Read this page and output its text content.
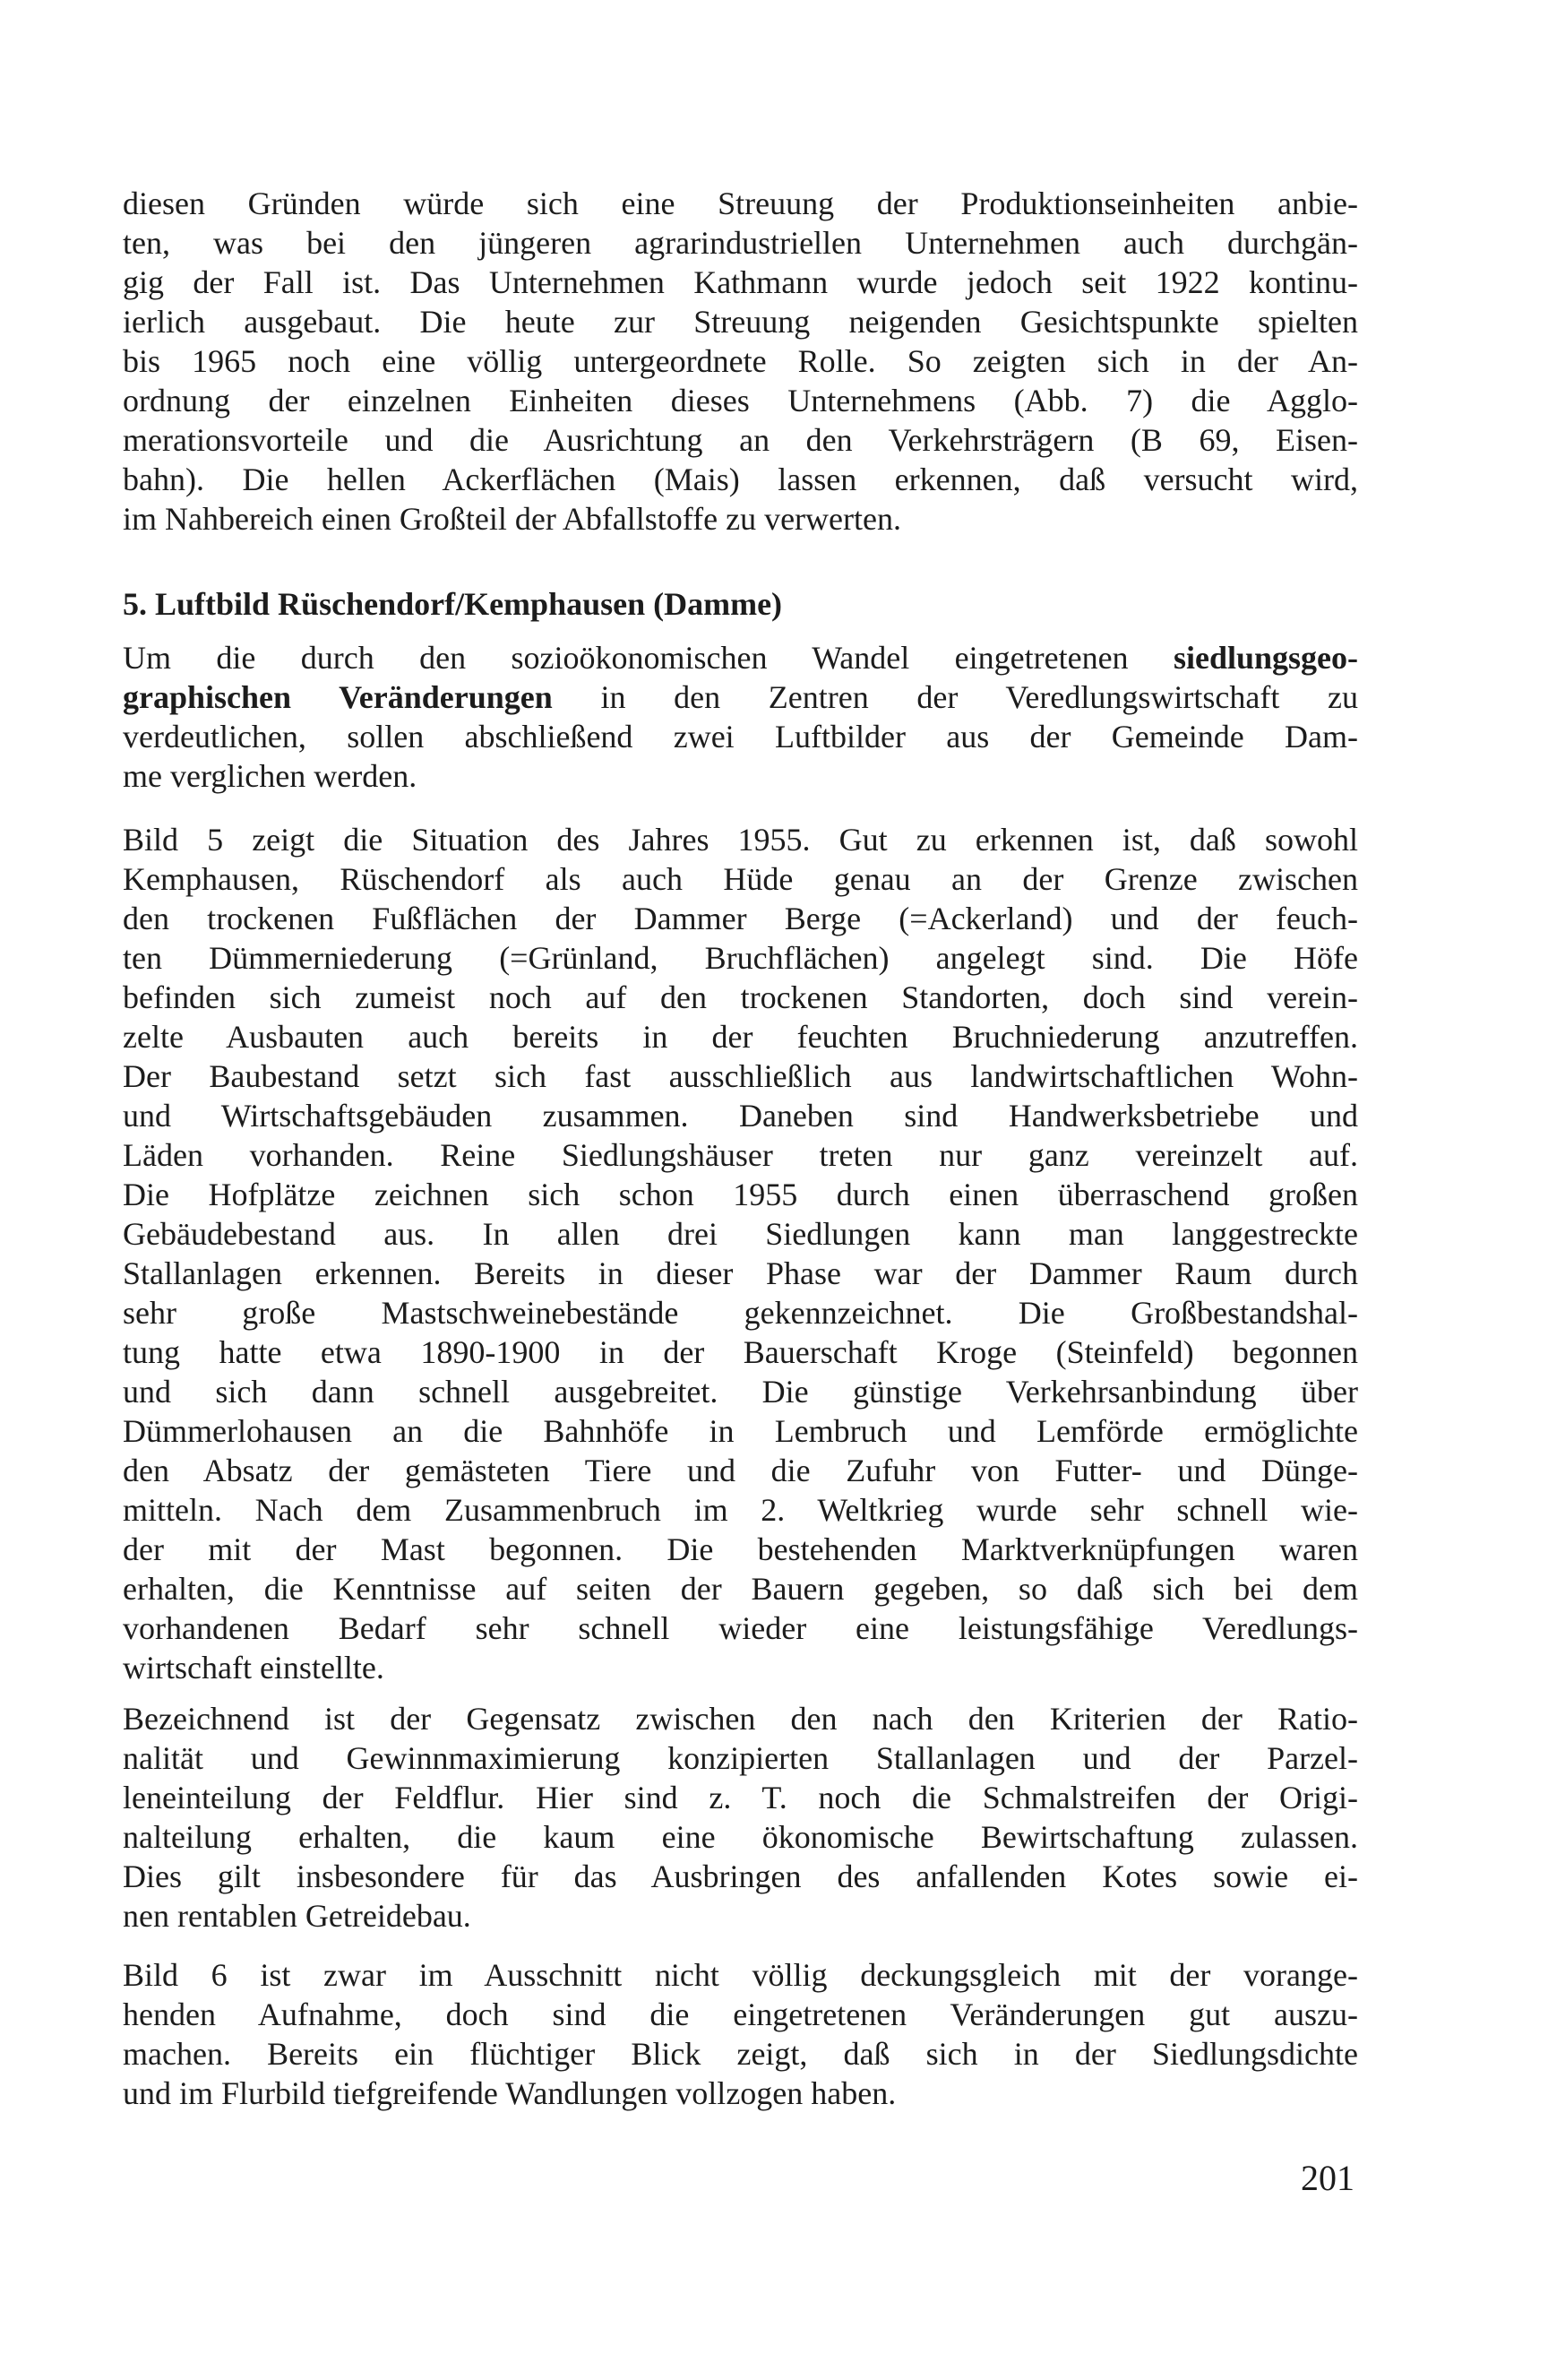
diesen Gründen würde sich eine Streuung der Produktionseinheiten anbie-
ten, was bei den jüngeren agrarindustriellen Unternehmen auch durchgän-
gig der Fall ist. Das Unternehmen Kathmann wurde jedoch seit 1922 kontinu-
ierlich ausgebaut. Die heute zur Streuung neigenden Gesichtspunkte spielten
bis 1965 noch eine völlig untergeordnete Rolle. So zeigten sich in der An-
ordnung der einzelnen Einheiten dieses Unternehmens (Abb. 7) die Agglo-
merationsvorteile und die Ausrichtung an den Verkehrsträgern (B 69, Eisen-
bahn). Die hellen Ackerflächen (Mais) lassen erkennen, daß versucht wird,
im Nahbereich einen Großteil der Abfallstoffe zu verwerten.
5. Luftbild Rüschendorf/Kemphausen (Damme)
Um die durch den sozioökonomischen Wandel eingetretenen siedlungsgeo-
graphischen Veränderungen in den Zentren der Veredlungswirtschaft zu
verdeutlichen, sollen abschließend zwei Luftbilder aus der Gemeinde Dam-
me verglichen werden.
Bild 5 zeigt die Situation des Jahres 1955. Gut zu erkennen ist, daß sowohl
Kemphausen, Rüschendorf als auch Hüde genau an der Grenze zwischen
den trockenen Fußflächen der Dammer Berge (=Ackerland) und der feuch-
ten Dümmerniederung (=Grünland, Bruchflächen) angelegt sind. Die Höfe
befinden sich zumeist noch auf den trockenen Standorten, doch sind verein-
zelte Ausbauten auch bereits in der feuchten Bruchniederung anzutreffen.
Der Baubestand setzt sich fast ausschließlich aus landwirtschaftlichen Wohn-
und Wirtschaftsgebäuden zusammen. Daneben sind Handwerksbetriebe und
Läden vorhanden. Reine Siedlungshäuser treten nur ganz vereinzelt auf.
Die Hofplätze zeichnen sich schon 1955 durch einen überraschend großen
Gebäudebestand aus. In allen drei Siedlungen kann man langgestreckte
Stallanlagen erkennen. Bereits in dieser Phase war der Dammer Raum durch
sehr große Mastschweinebestände gekennzeichnet. Die Großbestandshal-
tung hatte etwa 1890-1900 in der Bauerschaft Kroge (Steinfeld) begonnen
und sich dann schnell ausgebreitet. Die günstige Verkehrsanbindung über
Dümmerlohausen an die Bahnhöfe in Lembruch und Lemförde ermöglichte
den Absatz der gemästeten Tiere und die Zufuhr von Futter- und Dünge-
mitteln. Nach dem Zusammenbruch im 2. Weltkrieg wurde sehr schnell wie-
der mit der Mast begonnen. Die bestehenden Marktverknüpfungen waren
erhalten, die Kenntnisse auf seiten der Bauern gegeben, so daß sich bei dem
vorhandenen Bedarf sehr schnell wieder eine leistungsfähige Veredlungs-
wirtschaft einstellte.
Bezeichnend ist der Gegensatz zwischen den nach den Kriterien der Ratio-
nalität und Gewinnmaximierung konzipierten Stallanlagen und der Parzel-
leneinteilung der Feldflur. Hier sind z. T. noch die Schmalstreifen der Origi-
nalteilung erhalten, die kaum eine ökonomische Bewirtschaftung zulassen.
Dies gilt insbesondere für das Ausbringen des anfallenden Kotes sowie ei-
nen rentablen Getreidebau.
Bild 6 ist zwar im Ausschnitt nicht völlig deckungsgleich mit der vorange-
henden Aufnahme, doch sind die eingetretenen Veränderungen gut auszu-
machen. Bereits ein flüchtiger Blick zeigt, daß sich in der Siedlungsdichte
und im Flurbild tiefgreifende Wandlungen vollzogen haben.
201
